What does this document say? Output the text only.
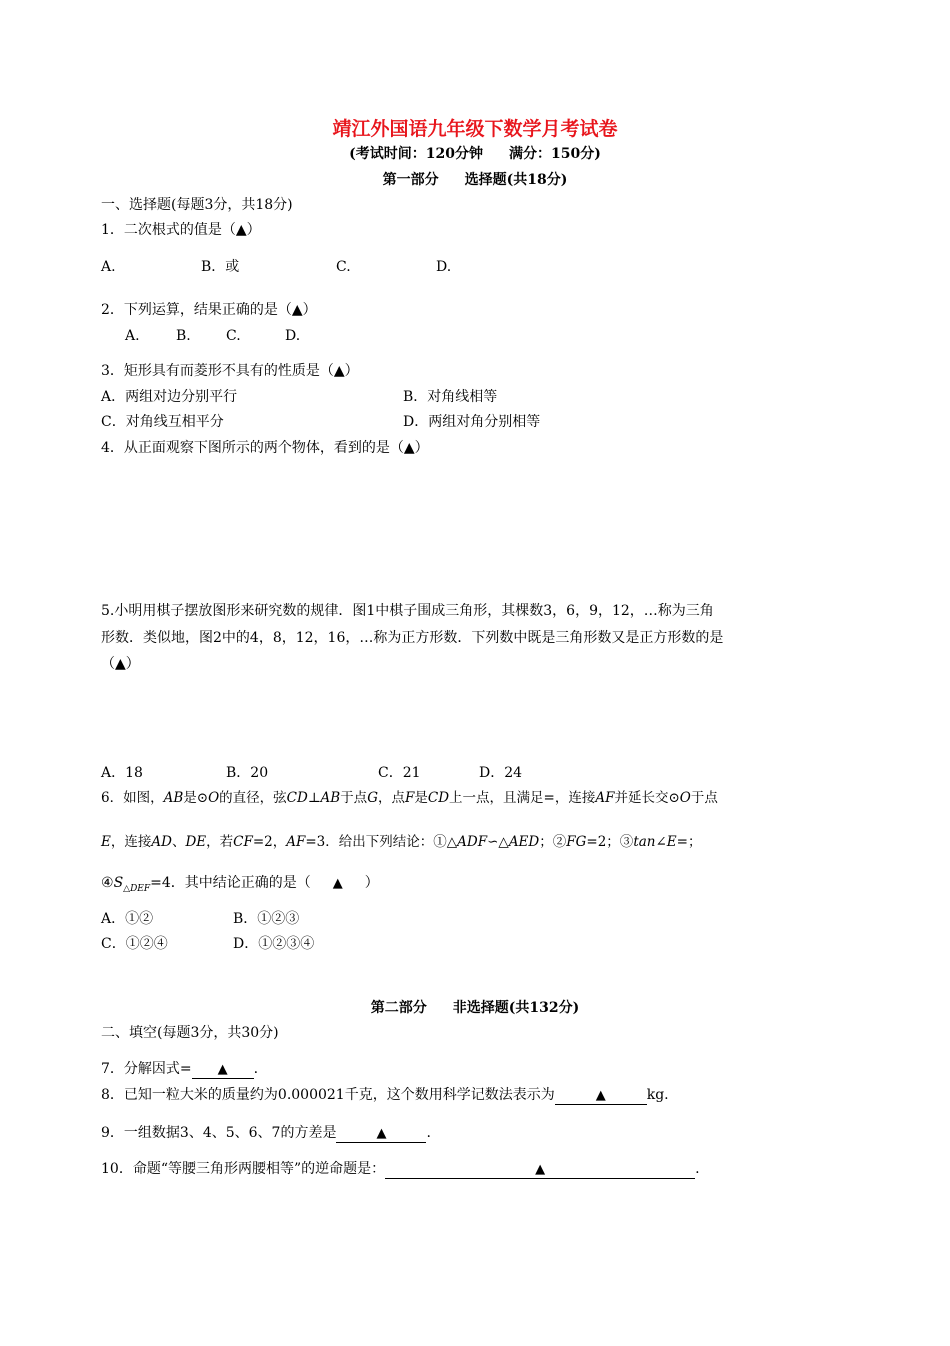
靖江外国语九年级下数学月考试卷
(考试时间：120分钟 满分：150分)
第一部分 选择题(共18分)
一、选择题(每题3分，共18分)
1．二次根式的值是（▲）
A.	B．或	C.	D.
2．下列运算，结果正确的是（▲）
A.	B.	C.	D.
3．矩形具有而菱形不具有的性质是（▲）
A．两组对边分别平行	B．对角线相等
C．对角线互相平分	D．两组对角分别相等
4．从正面观察下图所示的两个物体，看到的是（▲）
5.小明用棋子摆放图形来研究数的规律．图1中棋子围成三角形，其棵数3，6，9，12，…称为三角
形数．类似地，图2中的4，8，12，16，…称为正方形数．下列数中既是三角形数又是正方形数的是
（▲）
A．18	B．20	C．21	D．24
6．如图，AB是⊙O的直径，弦CD⊥AB于点G，点F是CD上一点，且满足=，连接AF并延长交⊙O于点
E，连接AD、DE，若CF=2，AF=3．给出下列结论：①△ADF∽△AED；②FG=2；③tan∠E=；
$④S_{\triangle DEF}=4$．其中结论正确的是（ ▲ ）
A．①②	B．①②③
C．①②④	D．①②③④
第二部分 非选择题(共132分)
二、填空(每题3分，共30分)
7．分解因式= ▲ .
8．已知一粒大米的质量约为0.000021千克，这个数用科学记数法表示为	▲	kg.
9．一组数据3、4、5、6、7的方差是	▲	.
10．命题“等腰三角形两腰相等”的逆命题是：	▲	.
